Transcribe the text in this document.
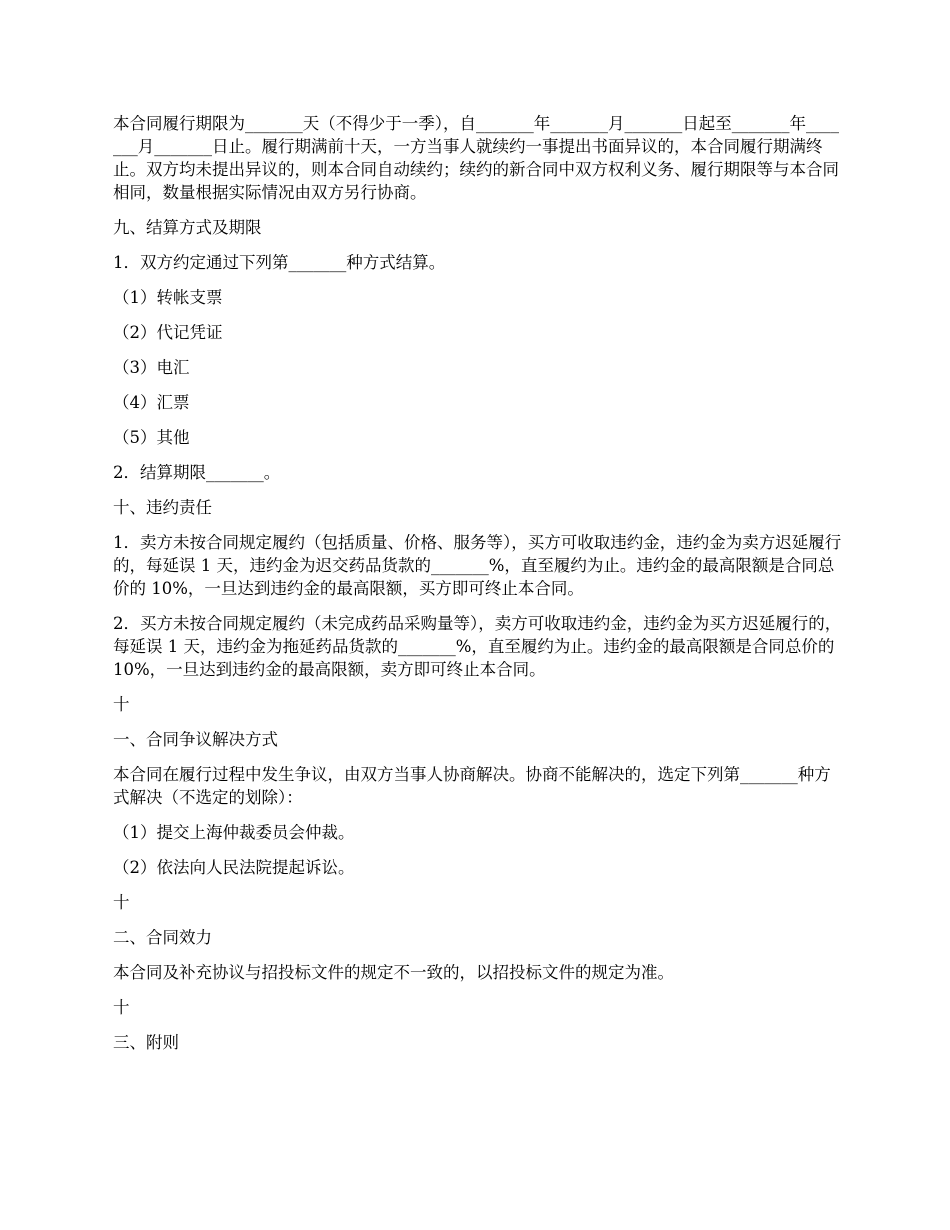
本合同履行期限为_______天（不得少于一季），自_______年_______月_______日起至_______年_______月_______日止。履行期满前十天，一方当事人就续约一事提出书面异议的，本合同履行期满终止。双方均未提出异议的，则本合同自动续约；续约的新合同中双方权利义务、履行期限等与本合同相同，数量根据实际情况由双方另行协商。

九、结算方式及期限

1．双方约定通过下列第_______种方式结算。

（1）转帐支票

（2）代记凭证

（3）电汇

（4）汇票

（5）其他

2．结算期限_______。

十、违约责任

1．卖方未按合同规定履约（包括质量、价格、服务等），买方可收取违约金，违约金为卖方迟延履行的，每延误 1 天，违约金为迟交药品货款的_______%，直至履约为止。违约金的最高限额是合同总价的 10%，一旦达到违约金的最高限额，买方即可终止本合同。

2．买方未按合同规定履约（未完成药品采购量等），卖方可收取违约金，违约金为买方迟延履行的，每延误 1 天，违约金为拖延药品货款的_______%，直至履约为止。违约金的最高限额是合同总价的 10%，一旦达到违约金的最高限额，卖方即可终止本合同。

十

一、合同争议解决方式

本合同在履行过程中发生争议，由双方当事人协商解决。协商不能解决的，选定下列第_______种方式解决（不选定的划除）：

（1）提交上海仲裁委员会仲裁。

（2）依法向人民法院提起诉讼。

十

二、合同效力

本合同及补充协议与招投标文件的规定不一致的，以招投标文件的规定为准。

十

三、附则
